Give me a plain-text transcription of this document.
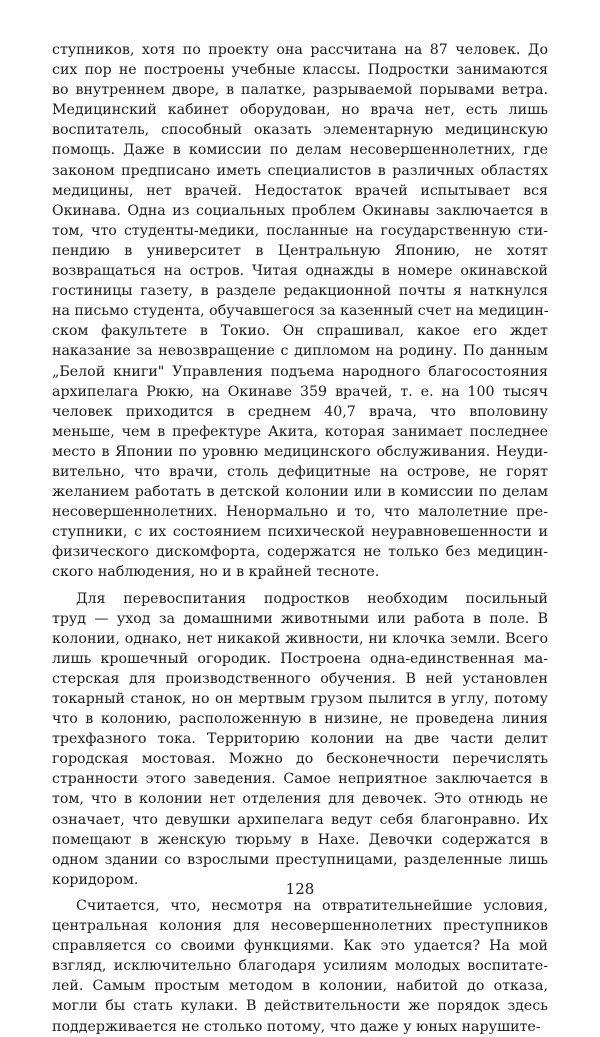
ступников, хотя по проекту она рассчитана на 87 человек. До
сих пор не построены учебные классы. Подростки занимаются
во внутреннем дворе, в палатке, разрываемой порывами ветра.
Медицинский кабинет оборудован, но врача нет, есть лишь
воспитатель, способный оказать элементарную медицинскую
помощь. Даже в комиссии по делам несовершеннолетних, где
законом предписано иметь специалистов в различных областях
медицины, нет врачей. Недостаток врачей испытывает вся
Окинава. Одна из социальных проблем Окинавы заключается в
том, что студенты-медики, посланные на государственную сти-
пендию в университет в Центральную Японию, не хотят
возвращаться на остров. Читая однажды в номере окинавской
гостиницы газету, в разделе редакционной почты я наткнулся
на письмо студента, обучавшегося за казенный счет на медицин-
ском факультете в Токио. Он спрашивал, какое его ждет
наказание за невозвращение с дипломом на родину. По данным
„Белой книги" Управления подъема народного благосостояния
архипелага Рюкю, на Окинаве 359 врачей, т. е. на 100 тысяч
человек приходится в среднем 40,7 врача, что вполовину
меньше, чем в префектуре Акита, которая занимает последнее
место в Японии по уровню медицинского обслуживания. Неуди-
вительно, что врачи, столь дефицитные на острове, не горят
желанием работать в детской колонии или в комиссии по делам
несовершеннолетних. Ненормально и то, что малолетние пре-
ступники, с их состоянием психической неуравновешенности и
физического дискомфорта, содержатся не только без медицин-
ского наблюдения, но и в крайней тесноте.
Для перевоспитания подростков необходим посильный
труд — уход за домашними животными или работа в поле. В
колонии, однако, нет никакой живности, ни клочка земли. Всего
лишь крошечный огородик. Построена одна-единственная ма-
стерская для производственного обучения. В ней установлен
токарный станок, но он мертвым грузом пылится в углу, потому
что в колонию, расположенную в низине, не проведена линия
трехфазного тока. Территорию колонии на две части делит
городская мостовая. Можно до бесконечности перечислять
странности этого заведения. Самое неприятное заключается в
том, что в колонии нет отделения для девочек. Это отнюдь не
означает, что девушки архипелага ведут себя благонравно. Их
помещают в женскую тюрьму в Нахе. Девочки содержатся в
одном здании со взрослыми преступницами, разделенные лишь
коридором.
Считается, что, несмотря на отвратительнейшие условия,
центральная колония для несовершеннолетних преступников
справляется со своими функциями. Как это удается? На мой
взгляд, исключительно благодаря усилиям молодых воспитате-
лей. Самым простым методом в колонии, набитой до отказа,
могли бы стать кулаки. В действительности же порядок здесь
поддерживается не столько потому, что даже у юных нарушите-
128
